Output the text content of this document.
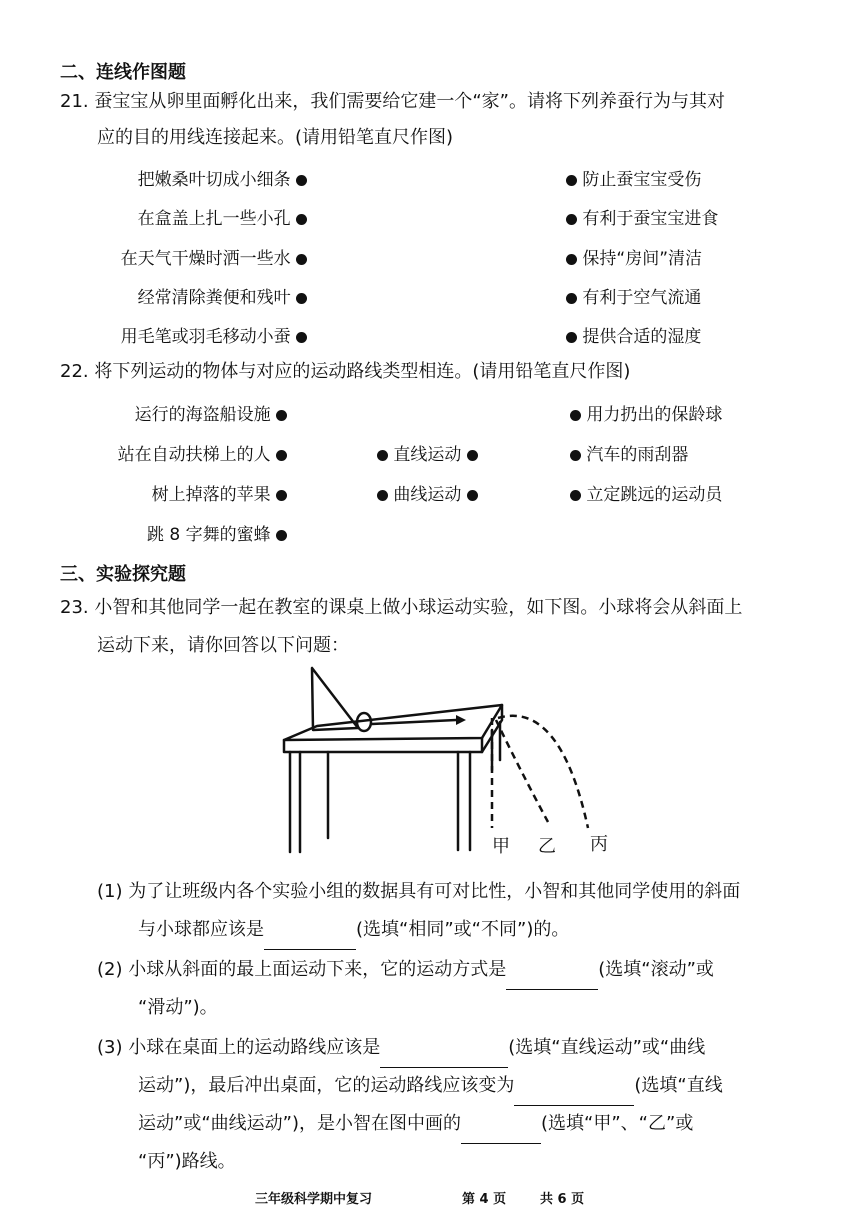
二、连线作图题
21. 蚕宝宝从卵里面孵化出来，我们需要给它建一个“家”。请将下列养蚕行为与其对
应的目的用线连接起来。(请用铅笔直尺作图)
把嫩桑叶切成小细条
在盒盖上扎一些小孔
在天气干燥时洒一些水
经常清除粪便和残叶
用毛笔或羽毛移动小蚕
防止蚕宝宝受伤
有利于蚕宝宝进食
保持“房间”清洁
有利于空气流通
提供合适的湿度
22. 将下列运动的物体与对应的运动路线类型相连。(请用铅笔直尺作图)
运行的海盗船设施
站在自动扶梯上的人
树上掉落的苹果
跳 8 字舞的蜜蜂
直线运动
曲线运动
用力扔出的保龄球
汽车的雨刮器
立定跳远的运动员
三、实验探究题
23. 小智和其他同学一起在教室的课桌上做小球运动实验，如下图。小球将会从斜面上
运动下来，请你回答以下问题：
甲 乙 丙
(1) 为了让班级内各个实验小组的数据具有可对比性，小智和其他同学使用的斜面
与小球都应该是	(选填“相同”或“不同”)的。
(2) 小球从斜面的最上面运动下来，它的运动方式是	(选填“滚动”或
“滑动”)。
(3) 小球在桌面上的运动路线应该是	(选填“直线运动”或“曲线
运动”)，最后冲出桌面，它的运动路线应该变为	(选填“直线
运动”或“曲线运动”)，是小智在图中画的	(选填“甲”、“乙”或
“丙”)路线。
三年级科学期中复习	第 4 页	共 6 页
